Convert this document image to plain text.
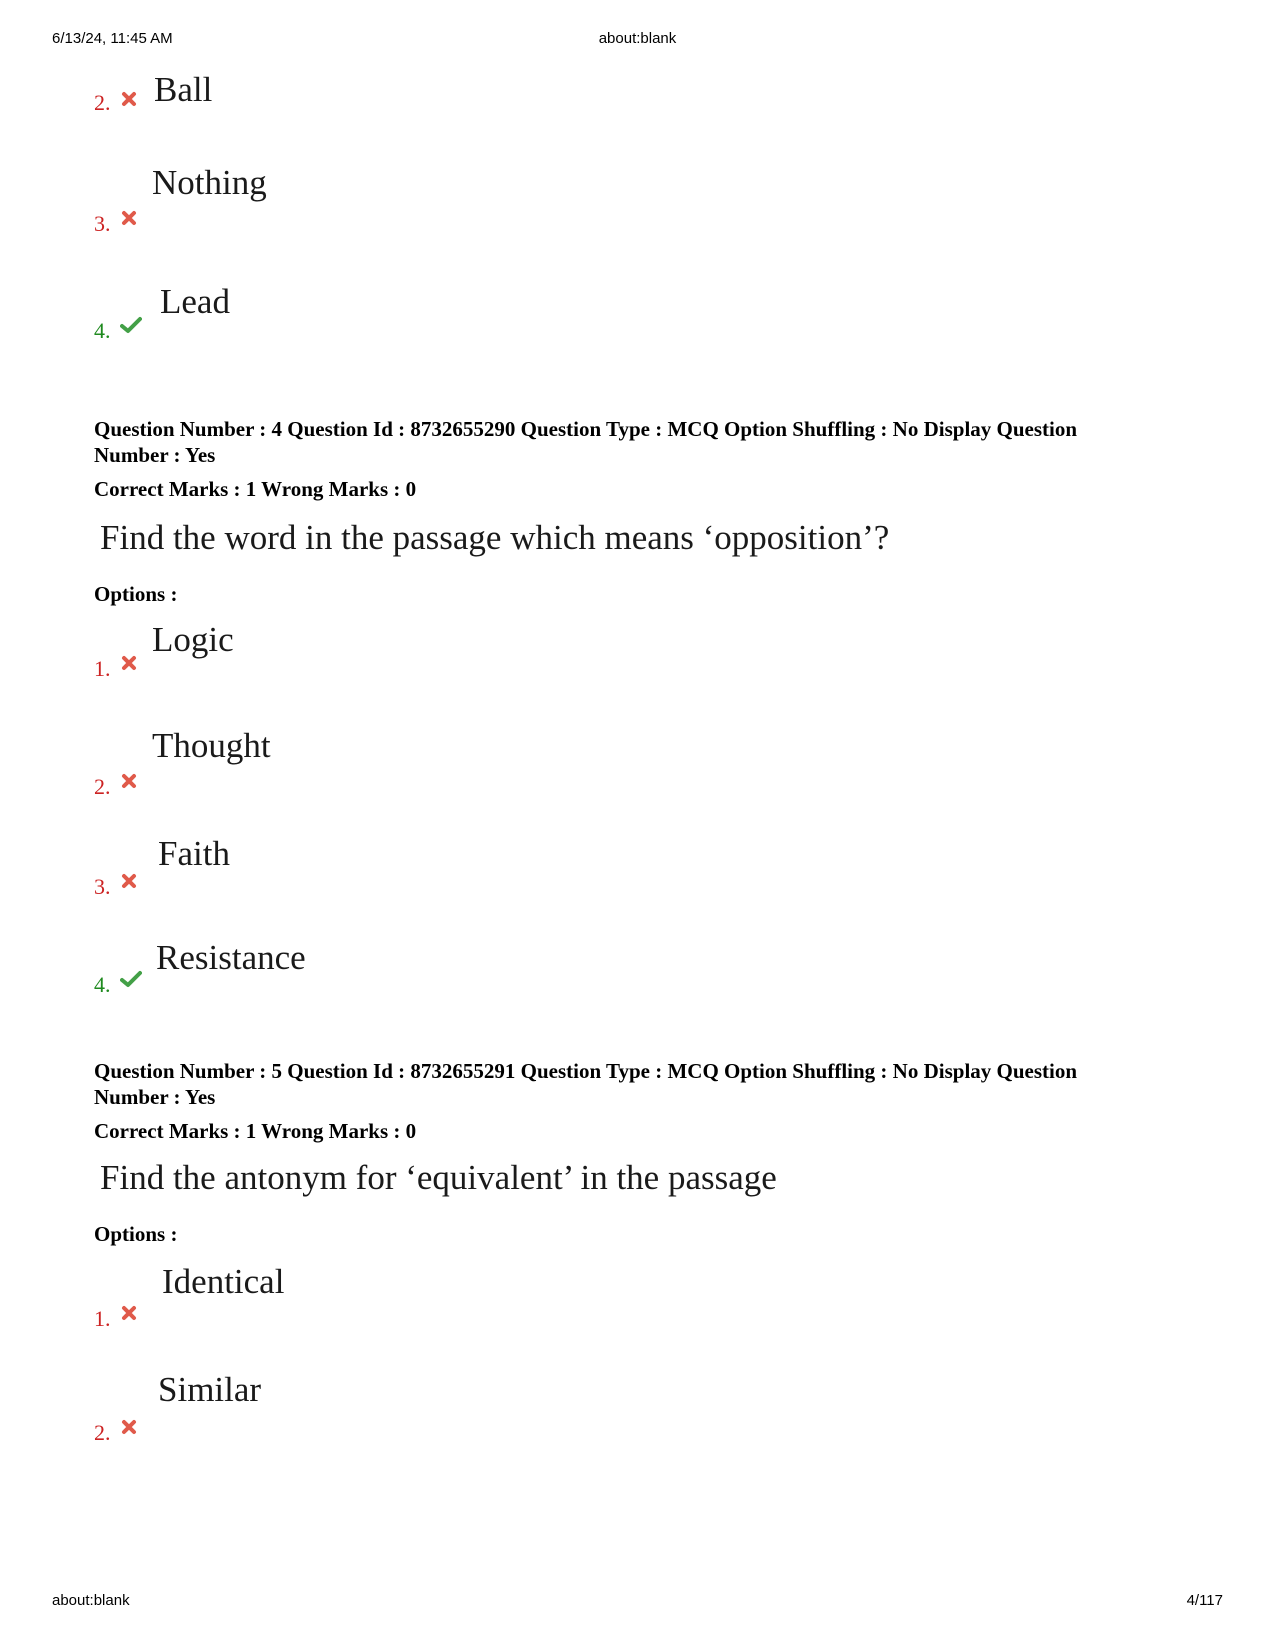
6/13/24, 11:45 AM	about:blank
2. Ball
3.
Nothing
4.
Lead
Question Number : 4 Question Id : 8732655290 Question Type : MCQ Option Shuffling : No Display Question
Number : Yes
Correct Marks : 1 Wrong Marks : 0
Find the word in the passage which means ‘opposition’?
Options :
1.
Logic
2.
Thought
3.
Faith
4.
Resistance
Question Number : 5 Question Id : 8732655291 Question Type : MCQ Option Shuffling : No Display Question
Number : Yes
Correct Marks : 1 Wrong Marks : 0
Find the antonym for ‘equivalent’ in the passage
Options :
1.
Identical
2.
Similar
about:blank	4/117
